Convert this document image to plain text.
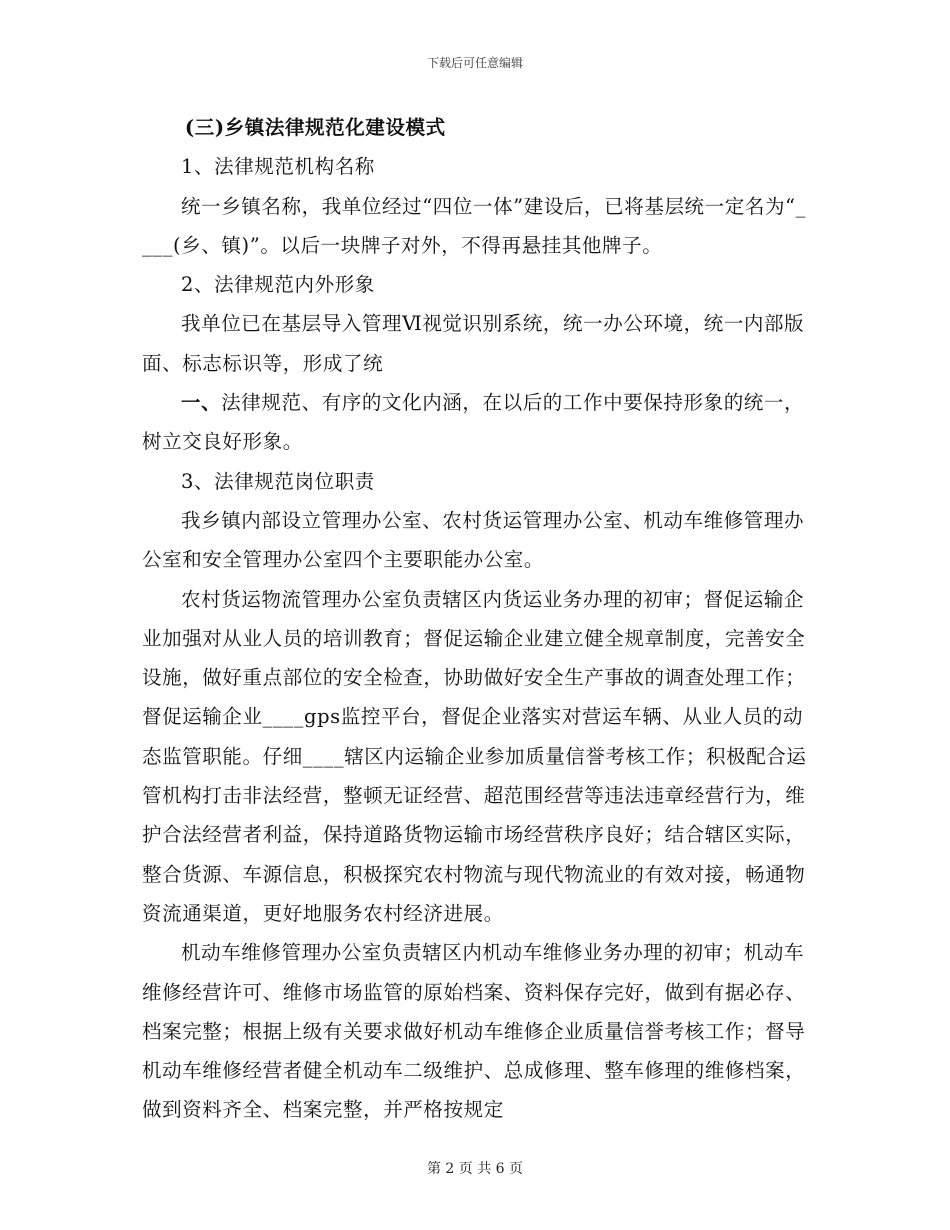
下载后可任意编辑

(三)乡镇法律规范化建设模式

1、法律规范机构名称

统一乡镇名称，我单位经过“四位一体”建设后，已将基层统一定名为“____(乡、镇)”。以后一块牌子对外，不得再悬挂其他牌子。

2、法律规范内外形象

我单位已在基层导入管理Ⅵ视觉识别系统，统一办公环境，统一内部版面、标志标识等，形成了统

一、法律规范、有序的文化内涵，在以后的工作中要保持形象的统一，树立交良好形象。

3、法律规范岗位职责

我乡镇内部设立管理办公室、农村货运管理办公室、机动车维修管理办公室和安全管理办公室四个主要职能办公室。

农村货运物流管理办公室负责辖区内货运业务办理的初审；督促运输企业加强对从业人员的培训教育；督促运输企业建立健全规章制度，完善安全设施，做好重点部位的安全检查，协助做好安全生产事故的调查处理工作；督促运输企业____gps监控平台，督促企业落实对营运车辆、从业人员的动态监管职能。仔细____辖区内运输企业参加质量信誉考核工作；积极配合运管机构打击非法经营，整顿无证经营、超范围经营等违法违章经营行为，维护合法经营者利益，保持道路货物运输市场经营秩序良好；结合辖区实际，整合货源、车源信息，积极探究农村物流与现代物流业的有效对接，畅通物资流通渠道，更好地服务农村经济进展。

机动车维修管理办公室负责辖区内机动车维修业务办理的初审；机动车维修经营许可、维修市场监管的原始档案、资料保存完好，做到有据必存、档案完整；根据上级有关要求做好机动车维修企业质量信誉考核工作；督导机动车维修经营者健全机动车二级维护、总成修理、整车修理的维修档案，做到资料齐全、档案完整，并严格按规定

第 2 页 共 6 页
